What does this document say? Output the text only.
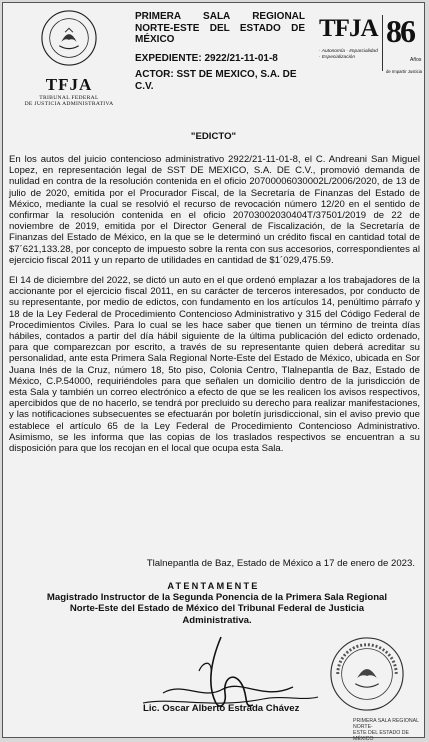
TFJA
TRIBUNAL FEDERAL
DE JUSTICIA ADMINISTRATIVA
PRIMERA SALA REGIONAL
NORTE-ESTE DEL ESTADO DE
MÉXICO
EXPEDIENTE: 2922/21-11-01-8
ACTOR: SST DE MEXICO, S.A. DE C.V.
TFJA
· Autonomía · Imparcialidad
· Especialización
86
Años
de Impartir Justicia
"EDICTO"

En los autos del juicio contencioso administrativo 2922/21-11-01-8, el C. Andreani San Miguel Lopez, en representación legal de SST DE MEXICO, S.A. DE C.V., promovió demanda de nulidad en contra de la resolución contenida en el oficio 20700006030002L/2006/2020, de 13 de julio de 2020, emitida por el Procurador Fiscal, de la Secretaría de Finanzas del Estado de México, mediante la cual se resolvió el recurso de revocación número 12/20 en el sentido de confirmar la resolución contenida en el oficio 20703002030404T/37501/2019 de 22 de noviembre de 2019, emitida por el Director General de Fiscalización, de la Secretaría de Finanzas del Estado de México, en la que se le determinó un crédito fiscal en cantidad total de $7´621,133.28, por concepto de impuesto sobre la renta con sus accesorios, correspondientes al ejercicio fiscal 2011 y un reparto de utilidades en cantidad de $1´029,475.59.

El 14 de diciembre del 2022, se dictó un auto en el que ordenó emplazar a los trabajadores de la accionante por el ejercicio fiscal 2011, en su carácter de terceros interesados, por conducto de su representante, por medio de edictos, con fundamento en los artículos 14, penúltimo párrafo y 18 de la Ley Federal de Procedimiento Contencioso Administrativo y 315 del Código Federal de Procedimientos Civiles. Para lo cual se les hace saber que tienen un término de treinta días hábiles, contados a partir del día hábil siguiente de la última publicación del edicto ordenado, para que comparezcan por escrito, a través de su representante quien deberá acreditar su personalidad, ante esta Primera Sala Regional Norte-Este del Estado de México, ubicada en Sor Juana Inés de la Cruz, número 18, 5to piso, Colonia Centro, Tlalnepantla de Baz, Estado de México, C.P.54000, requiriéndoles para que señalen un domicilio dentro de la jurisdicción de esta Sala y también un correo electrónico a efecto de que se les realicen los avisos respectivos, apercibidos que de no hacerlo, se tendrá por precluido su derecho para realizar manifestaciones, y las notificaciones subsecuentes se efectuarán por boletín jurisdiccional, sin el aviso previo que establece el artículo 65 de la Ley Federal de Procedimiento Contencioso Administrativo. Asimismo, se les informa que las copias de los traslados respectivos se encuentran a su disposición para que los recojan en el local que ocupa esta Sala.

Tlalnepantla de Baz, Estado de México a 17 de enero de 2023.
ATENTAMENTE
Magistrado Instructor de la Segunda Ponencia de la Primera Sala Regional Norte-Este del Estado de México del Tribunal Federal de Justicia Administrativa.
Lic. Oscar Alberto Estrada Chávez
PRIMERA SALA REGIONAL NORTE-
ESTE DEL ESTADO DE MÉXICO
